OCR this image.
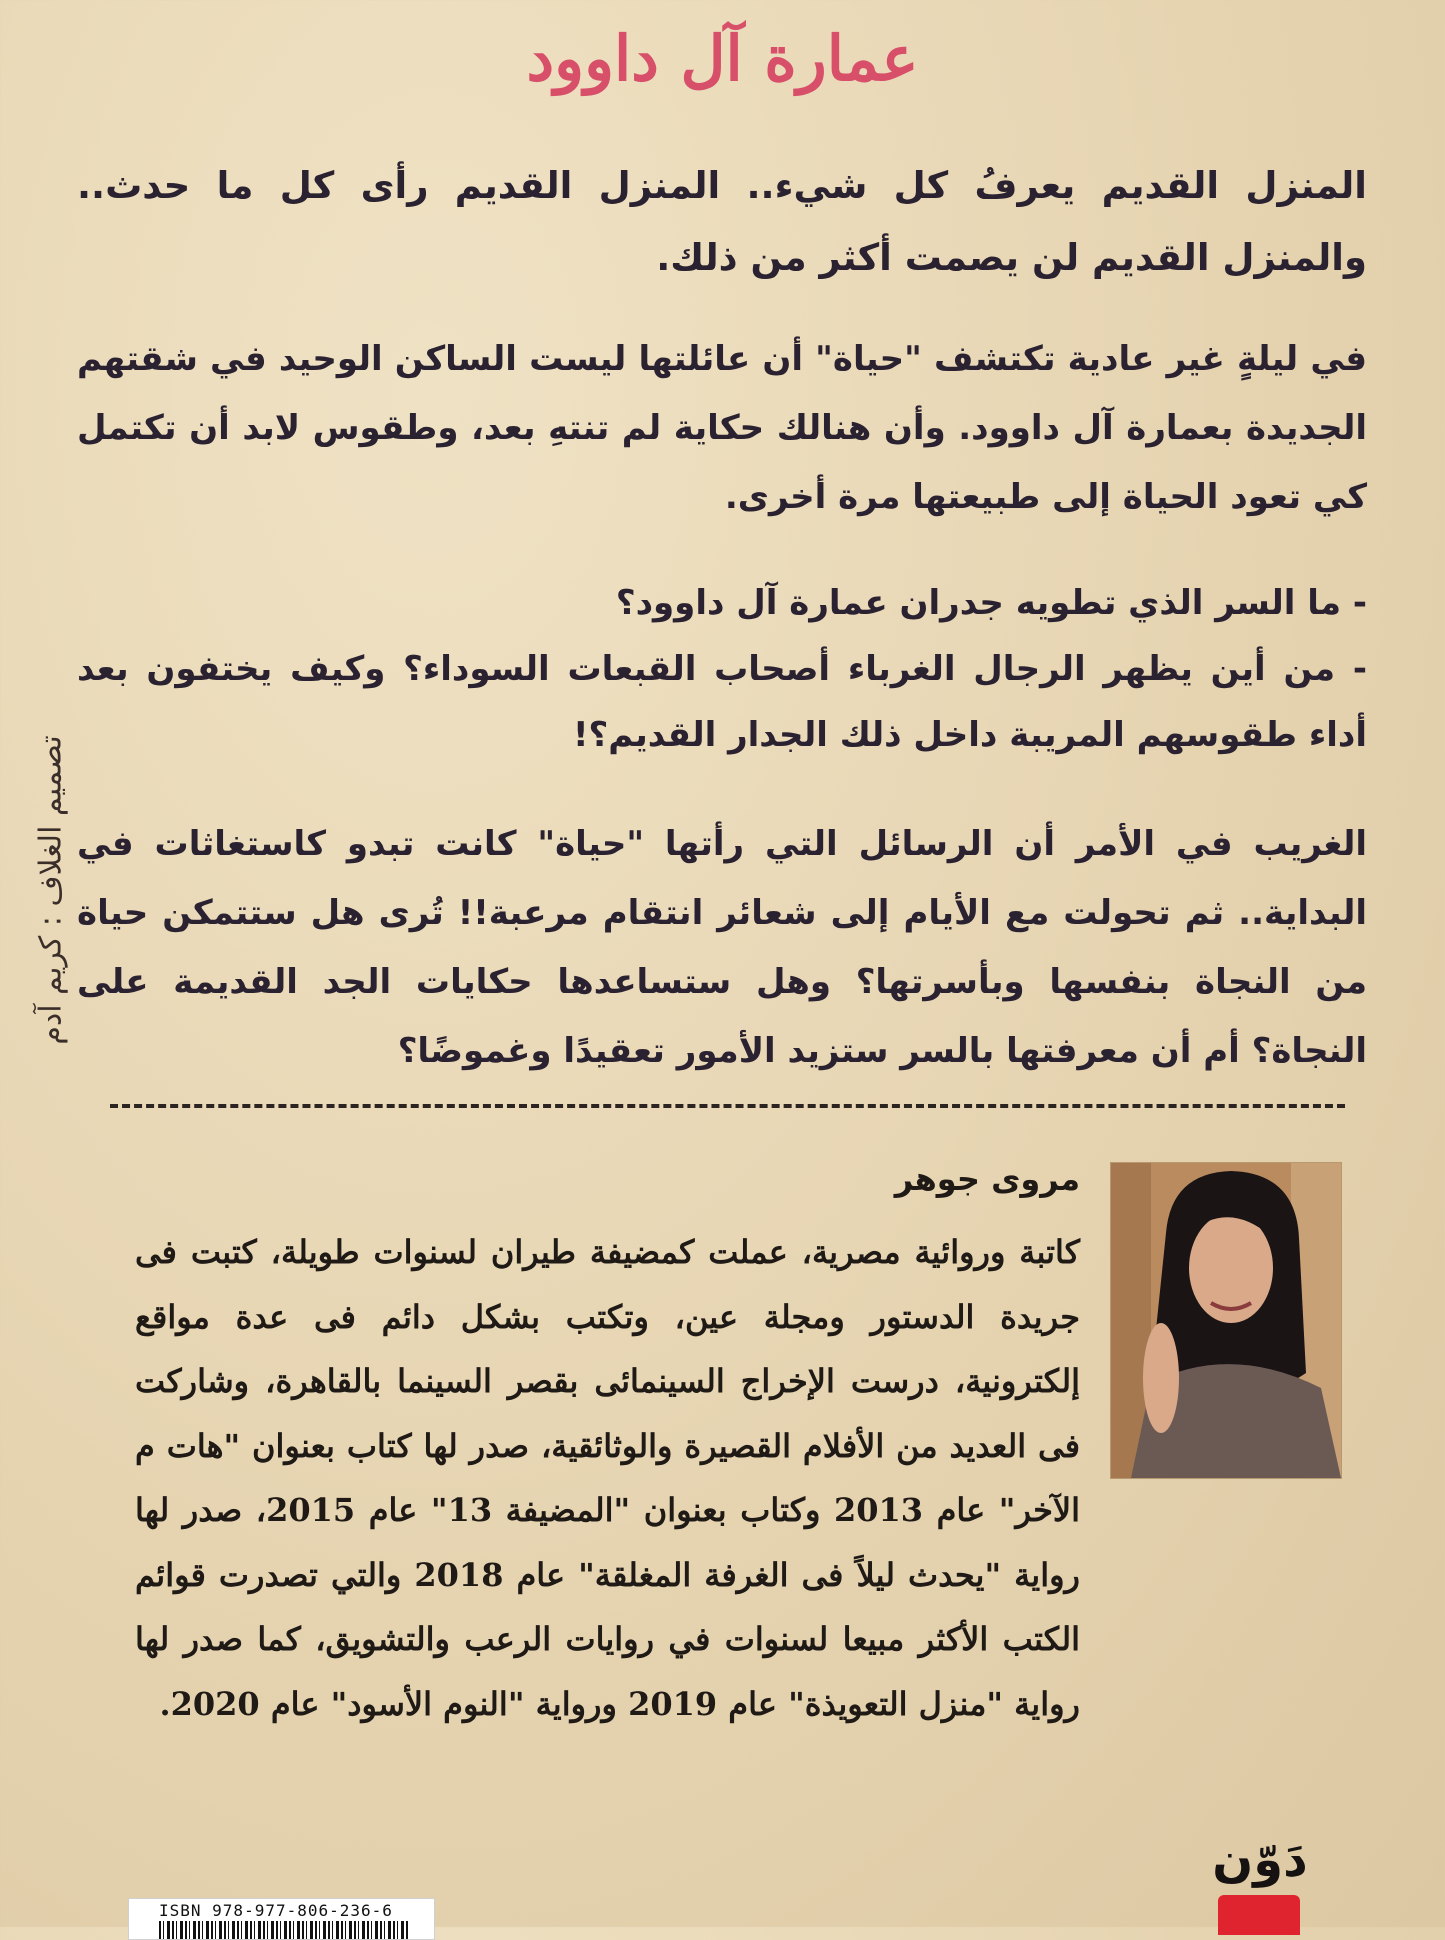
عمارة آل داوود

المنزل القديم يعرفُ كل شيء.. المنزل القديم رأى كل ما حدث.. والمنزل القديم لن يصمت أكثر من ذلك.

في ليلةٍ غير عادية تكتشف "حياة" أن عائلتها ليست الساكن الوحيد في شقتهم الجديدة بعمارة آل داوود. وأن هنالك حكاية لم تنتهِ بعد، وطقوس لابد أن تكتمل كي تعود الحياة إلى طبيعتها مرة أخرى.

- ما السر الذي تطويه جدران عمارة آل داوود؟

- من أين يظهر الرجال الغرباء أصحاب القبعات السوداء؟ وكيف يختفون بعد أداء طقوسهم المريبة داخل ذلك الجدار القديم؟!

الغريب في الأمر أن الرسائل التي رأتها "حياة" كانت تبدو كاستغاثات في البداية.. ثم تحولت مع الأيام إلى شعائر انتقام مرعبة!! تُرى هل ستتمكن حياة من النجاة بنفسها وبأسرتها؟ وهل ستساعدها حكايات الجد القديمة على النجاة؟ أم أن معرفتها بالسر ستزيد الأمور تعقيدًا وغموضًا؟

تصميم الغلاف : كريم آدم
مروى جوهر

كاتبة وروائية مصرية، عملت كمضيفة طيران لسنوات طويلة، كتبت فى جريدة الدستور ومجلة عين، وتكتب بشكل دائم فى عدة مواقع إلكترونية، درست الإخراج السينمائى بقصر السينما بالقاهرة، وشاركت فى العديد من الأفلام القصيرة والوثائقية، صدر لها كتاب بعنوان "هات م الآخر" عام 2013 وكتاب بعنوان "المضيفة 13" عام 2015، صدر لها رواية "يحدث ليلاً فى الغرفة المغلقة" عام 2018 والتي تصدرت قوائم الكتب الأكثر مبيعا لسنوات في روايات الرعب والتشويق، كما صدر لها رواية "منزل التعويذة" عام 2019 ورواية "النوم الأسود" عام 2020.

دَوّن
ISBN 978-977-806-236-6
